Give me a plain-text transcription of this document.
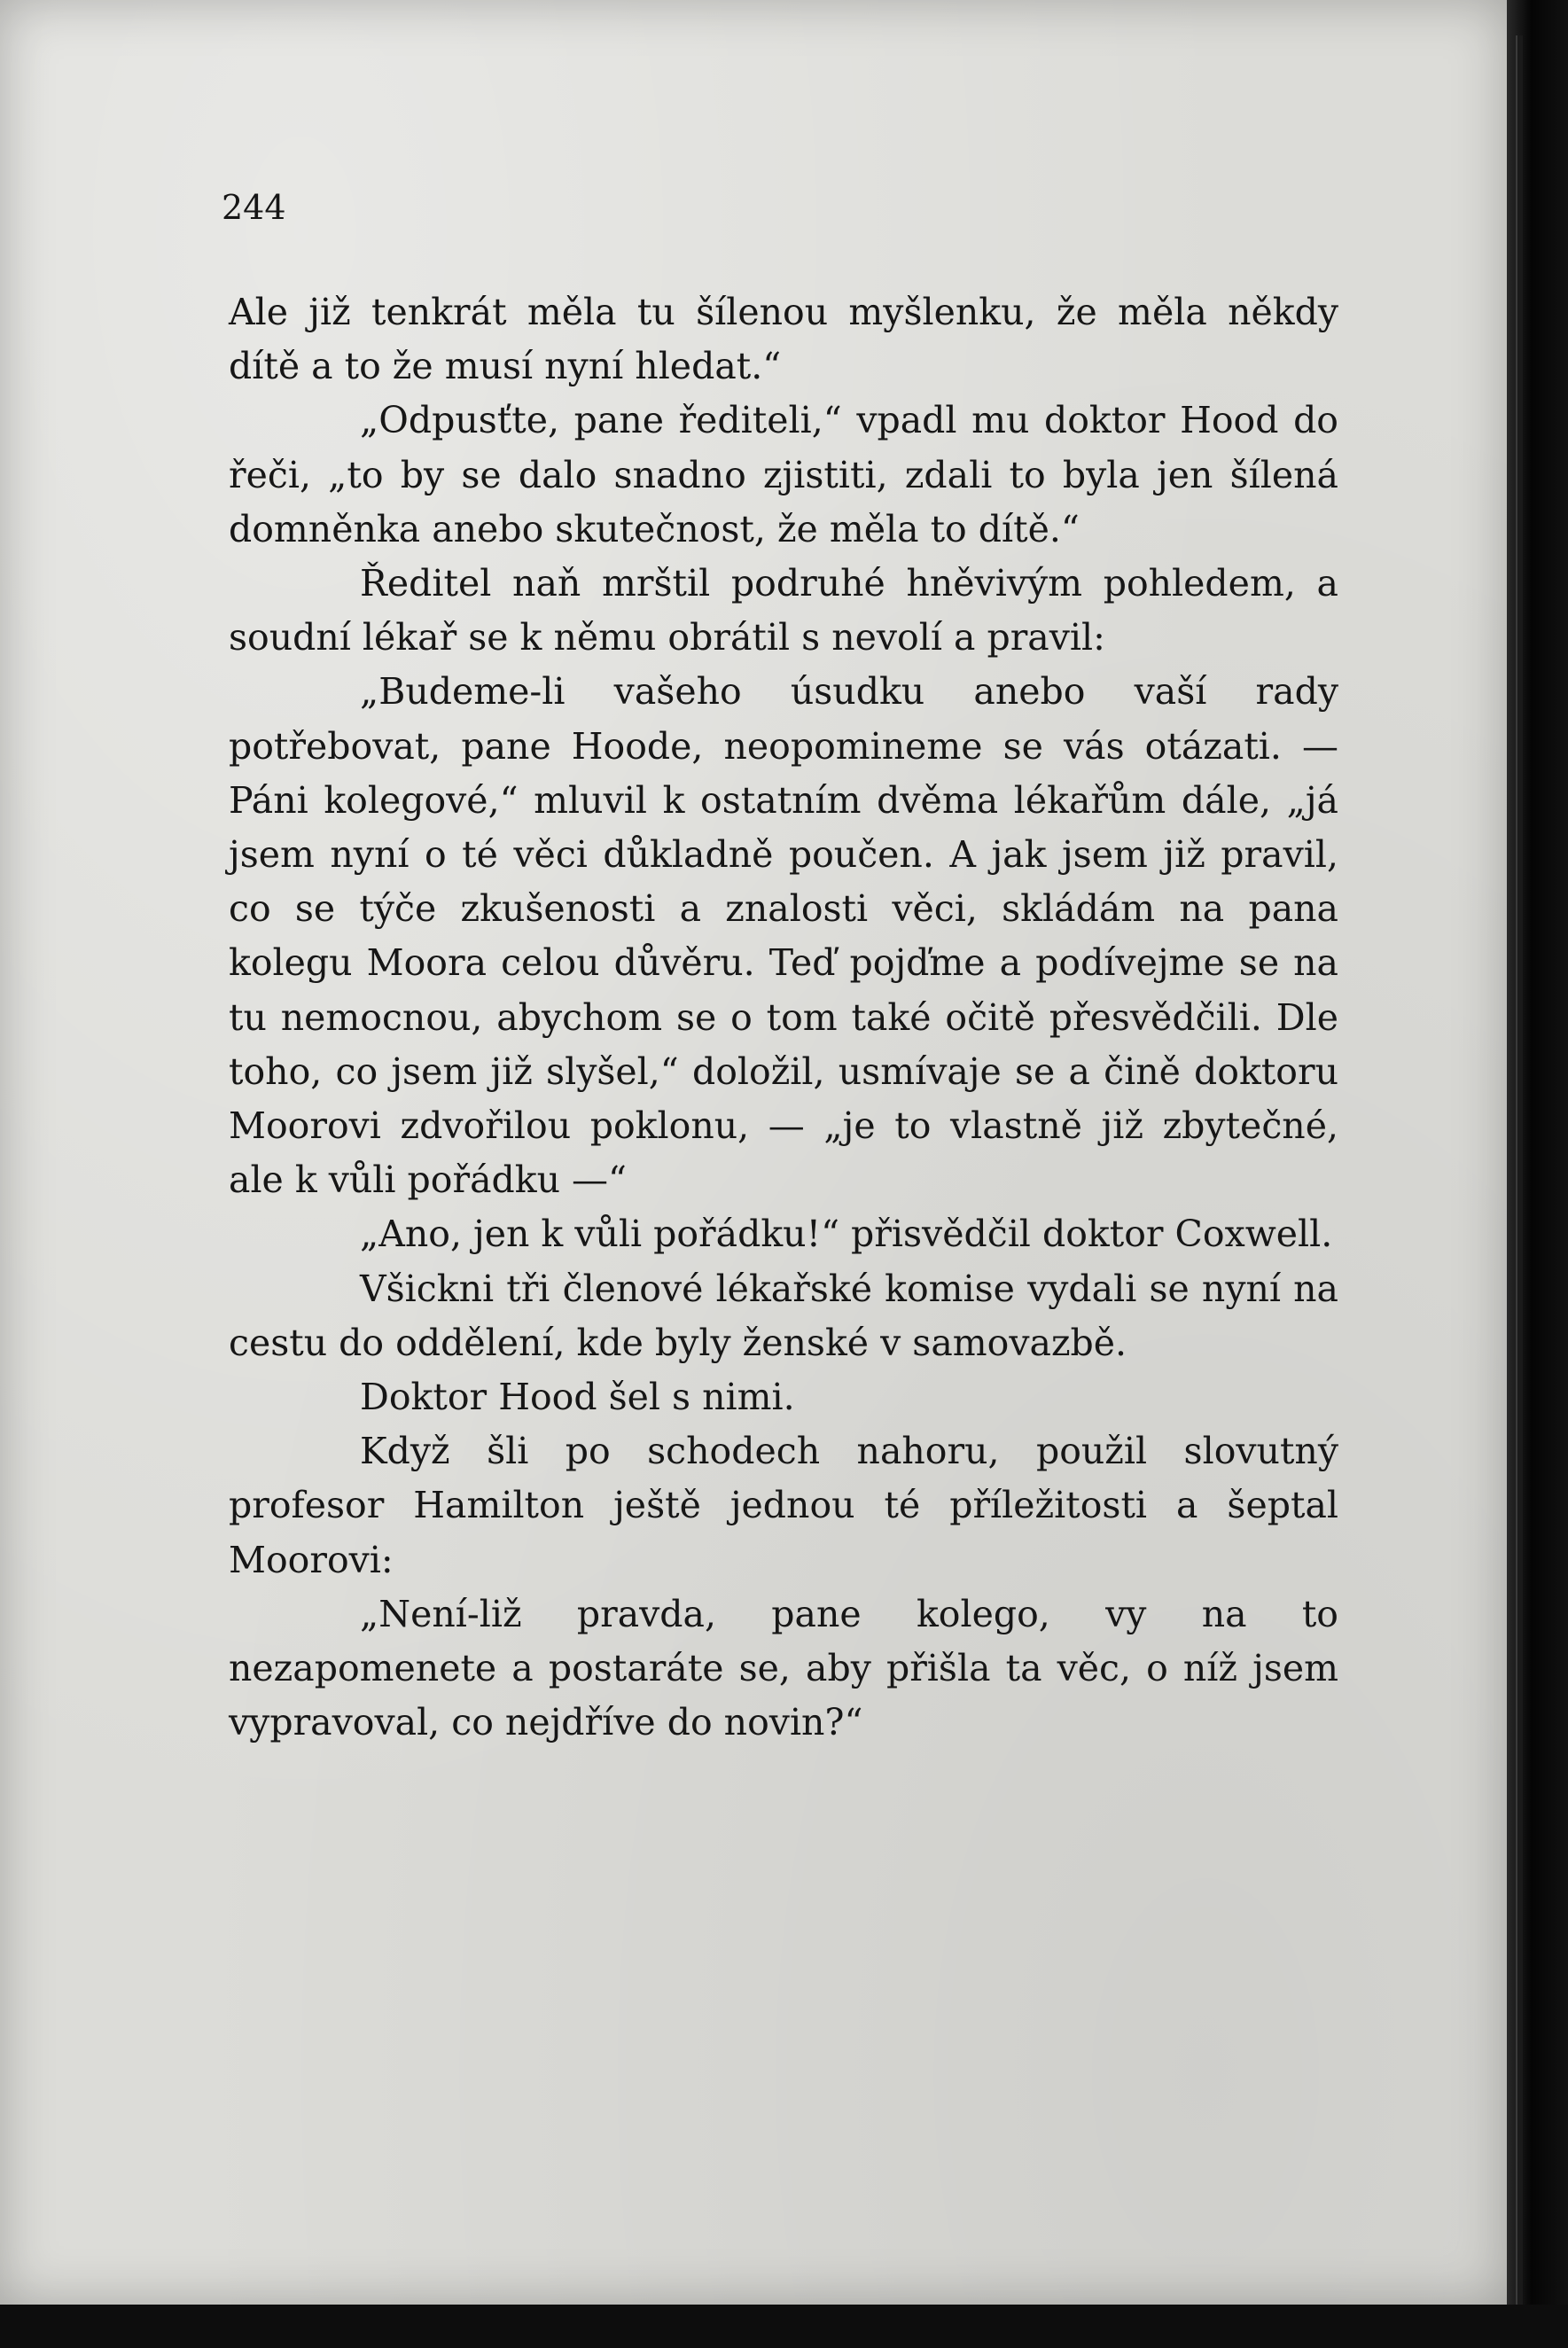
244

Ale již tenkrát měla tu šílenou myšlenku, že měla někdy dítě a to že musí nyní hledat.“

„Odpusťte, pane řediteli,“ vpadl mu doktor Hood do řeči, „to by se dalo snadno zjistiti, zdali to byla jen šílená domněnka anebo skutečnost, že měla to dítě.“

Ředitel naň mrštil podruhé hněvivým pohledem, a soudní lékař se k němu obrátil s nevolí a pravil:

„Budeme-li vašeho úsudku anebo vaší rady potřebovat, pane Hoode, neopomineme se vás otázati. — Páni kolegové,“ mluvil k ostatním dvěma lékařům dále, „já jsem nyní o té věci důkladně poučen. A jak jsem již pravil, co se týče zkušenosti a znalosti věci, skládám na pana kolegu Moora celou důvěru. Teď pojďme a podívejme se na tu nemocnou, abychom se o tom také očitě přesvědčili. Dle toho, co jsem již slyšel,“ doložil, usmívaje se a čině doktoru Moorovi zdvořilou poklonu, — „je to vlastně již zbytečné, ale k vůli pořádku —“

„Ano, jen k vůli pořádku!“ přisvědčil doktor Coxwell.

Všickni tři členové lékařské komise vydali se nyní na cestu do oddělení, kde byly ženské v samovazbě.

Doktor Hood šel s nimi.

Když šli po schodech nahoru, použil slovutný profesor Hamilton ještě jednou té příležitosti a šeptal Moorovi:

„Není-liž pravda, pane kolego, vy na to nezapomenete a postaráte se, aby přišla ta věc, o níž jsem vypravoval, co nejdříve do novin?“
